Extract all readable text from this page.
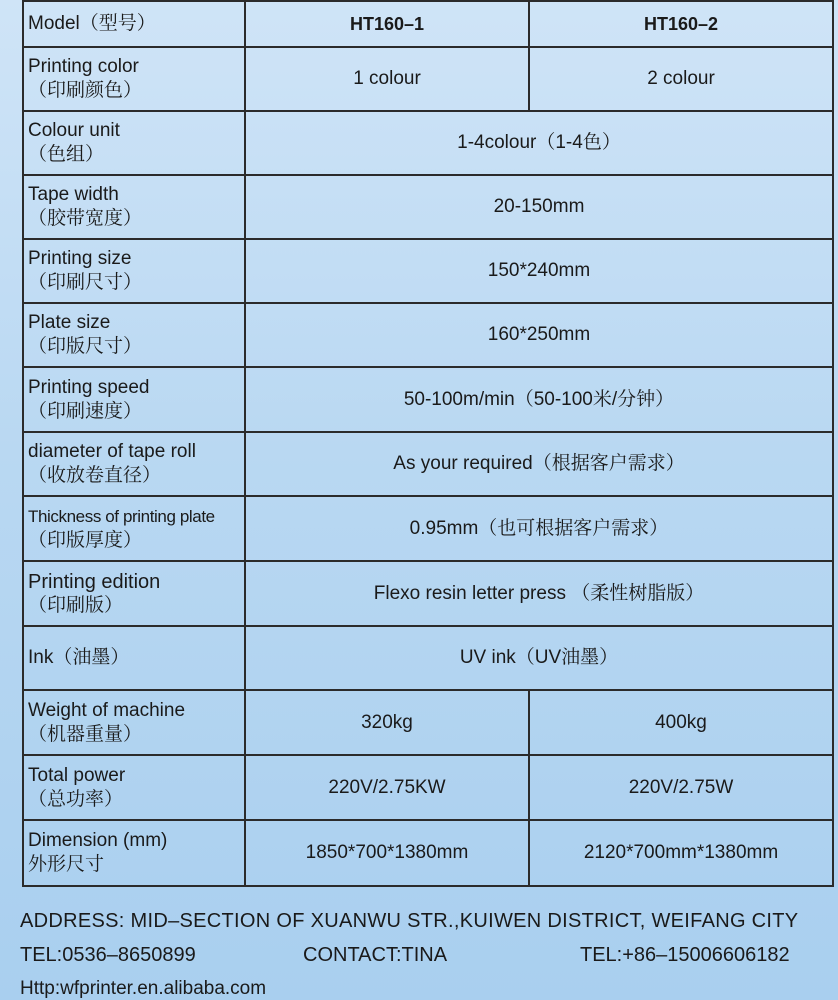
Model（型号）	HT160–1	HT160–2

Printing color
（印刷颜色）	1 colour	2 colour

Colour unit
（色组）	1-4colour（1-4色）	

Tape width
（胶带宽度）	20-150mm	

Printing size
（印刷尺寸）	150*240mm	

Plate size
（印版尺寸）	160*250mm	

Printing speed
（印刷速度）	50-100m/min（50-100米/分钟）	

diameter of tape roll
（收放卷直径）	As your required（根据客户需求）	

Thickness of printing plate
（印版厚度）	0.95mm（也可根据客户需求）	

Printing edition
（印刷版）	Flexo resin letter press （柔性树脂版）	

Ink（油墨）	UV ink（UV油墨）	

Weight of machine
（机器重量）	320kg	400kg

Total power
（总功率）	220V/2.75KW	220V/2.75W

Dimension (mm)
外形尺寸	1850*700*1380mm	2120*700mm*1380mm
ADDRESS: MID–SECTION OF XUANWU STR.,KUIWEN DISTRICT, WEIFANG CITY
TEL:0536–8650899	CONTACT:TINA	TEL:+86–15006606182
Http:wfprinter.en.alibaba.com
